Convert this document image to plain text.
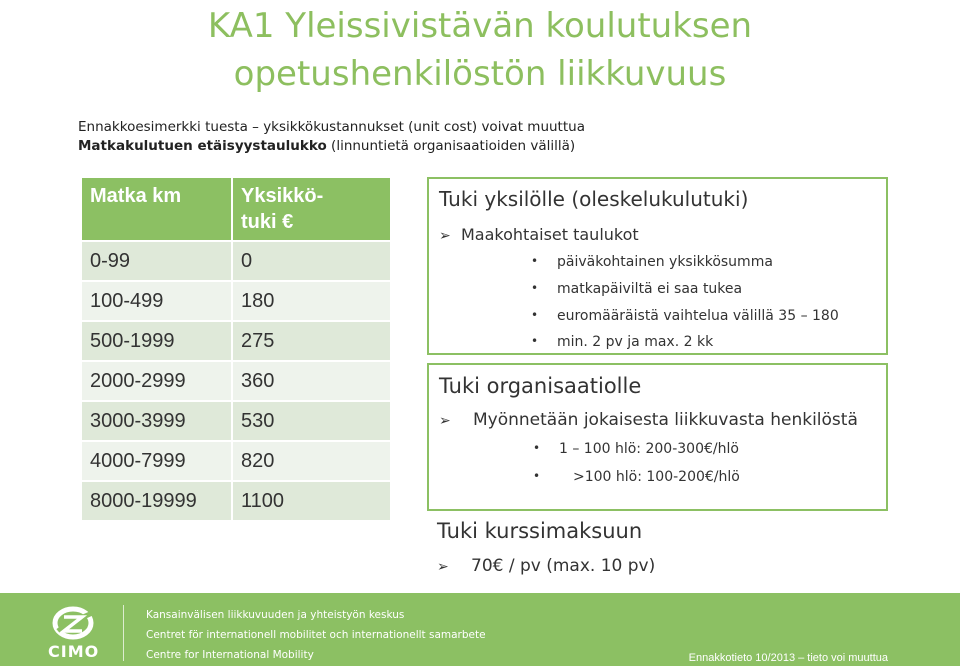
KA1 Yleissivistävän koulutuksen
opetushenkilöstön liikkuvuus
Ennakkoesimerkki tuesta – yksikkökustannukset (unit cost) voivat muuttua
Matkakulutuen etäisyystaulukko (linnuntietä organisaatioiden välillä)
Matka km	Yksikkö-
tuki €
0-99	0
100-499	180
500-1999	275
2000-2999	360
3000-3999	530
4000-7999	820
8000-19999	1100
Tuki yksilölle (oleskelukulutuki)
➢ Maakohtaiset taulukot
• päiväkohtainen yksikkösumma
• matkapäiviltä ei saa tukea
• euromääräistä vaihtelua välillä 35 – 180
• min. 2 pv ja max. 2 kk
Tuki organisaatiolle
➢ Myönnetään jokaisesta liikkuvasta henkilöstä
• 1 – 100 hlö: 200-300€/hlö
• >100 hlö: 100-200€/hlö
Tuki kurssimaksuun
➢ 70€ / pv (max. 10 pv)
CIMO
Kansainvälisen liikkuvuuden ja yhteistyön keskus
Centret för internationell mobilitet och internationellt samarbete
Centre for International Mobility	Ennakkotieto 10/2013 – tieto voi muuttua
